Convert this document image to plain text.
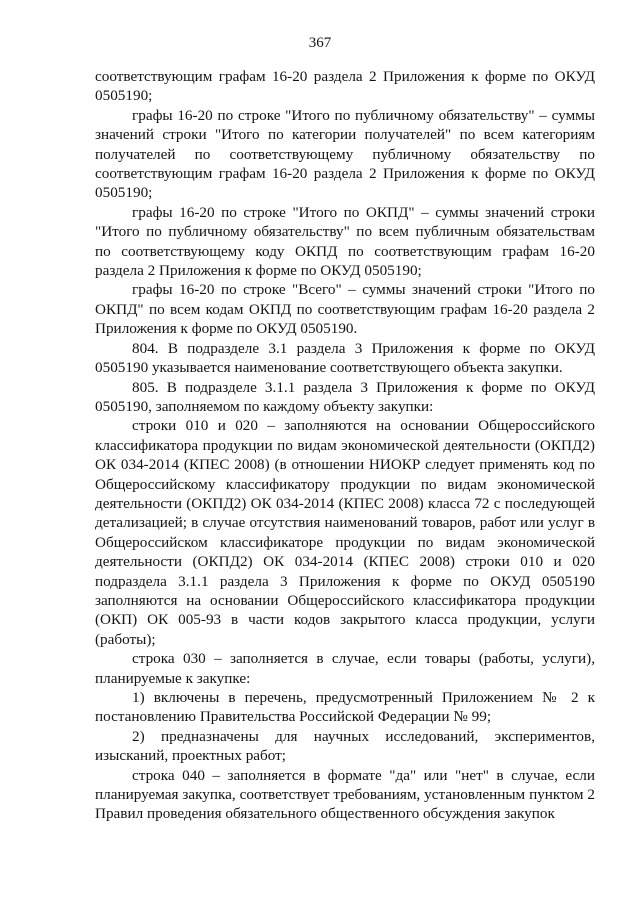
367

соответствующим графам 16-20 раздела 2 Приложения к форме по ОКУД 0505190;

графы 16-20 по строке "Итого по публичному обязательству" – суммы значений строки "Итого по категории получателей" по всем категориям получателей по соответствующему публичному обязательству по соответствующим графам 16-20 раздела 2 Приложения к форме по ОКУД 0505190;

графы 16-20 по строке "Итого по ОКПД" – суммы значений строки "Итого по публичному обязательству" по всем публичным обязательствам по соответствующему коду ОКПД по соответствующим графам 16-20 раздела 2 Приложения к форме по ОКУД 0505190;

графы 16-20 по строке "Всего" – суммы значений строки "Итого по ОКПД" по всем кодам ОКПД по соответствующим графам 16-20 раздела 2 Приложения к форме по ОКУД 0505190.

804. В подразделе 3.1 раздела 3 Приложения к форме по ОКУД 0505190 указывается наименование соответствующего объекта закупки.

805. В подразделе 3.1.1 раздела 3 Приложения к форме по ОКУД 0505190, заполняемом по каждому объекту закупки:

строки 010 и 020 – заполняются на основании Общероссийского классификатора продукции по видам экономической деятельности (ОКПД2) ОК 034-2014 (КПЕС 2008) (в отношении НИОКР следует применять код по Общероссийскому классификатору продукции по видам экономической деятельности (ОКПД2) ОК 034-2014 (КПЕС 2008) класса 72 с последующей детализацией; в случае отсутствия наименований товаров, работ или услуг в Общероссийском классификаторе продукции по видам экономической деятельности (ОКПД2) ОК 034-2014 (КПЕС 2008) строки 010 и 020 подраздела 3.1.1 раздела 3 Приложения к форме по ОКУД 0505190 заполняются на основании Общероссийского классификатора продукции (ОКП) ОК 005-93 в части кодов закрытого класса продукции, услуги (работы);

строка 030 – заполняется в случае, если товары (работы, услуги), планируемые к закупке:

1) включены в перечень, предусмотренный Приложением № 2 к постановлению Правительства Российской Федерации № 99;

2) предназначены для научных исследований, экспериментов, изысканий, проектных работ;

строка 040 – заполняется в формате "да" или "нет" в случае, если планируемая закупка, соответствует требованиям, установленным пунктом 2 Правил проведения обязательного общественного обсуждения закупок
